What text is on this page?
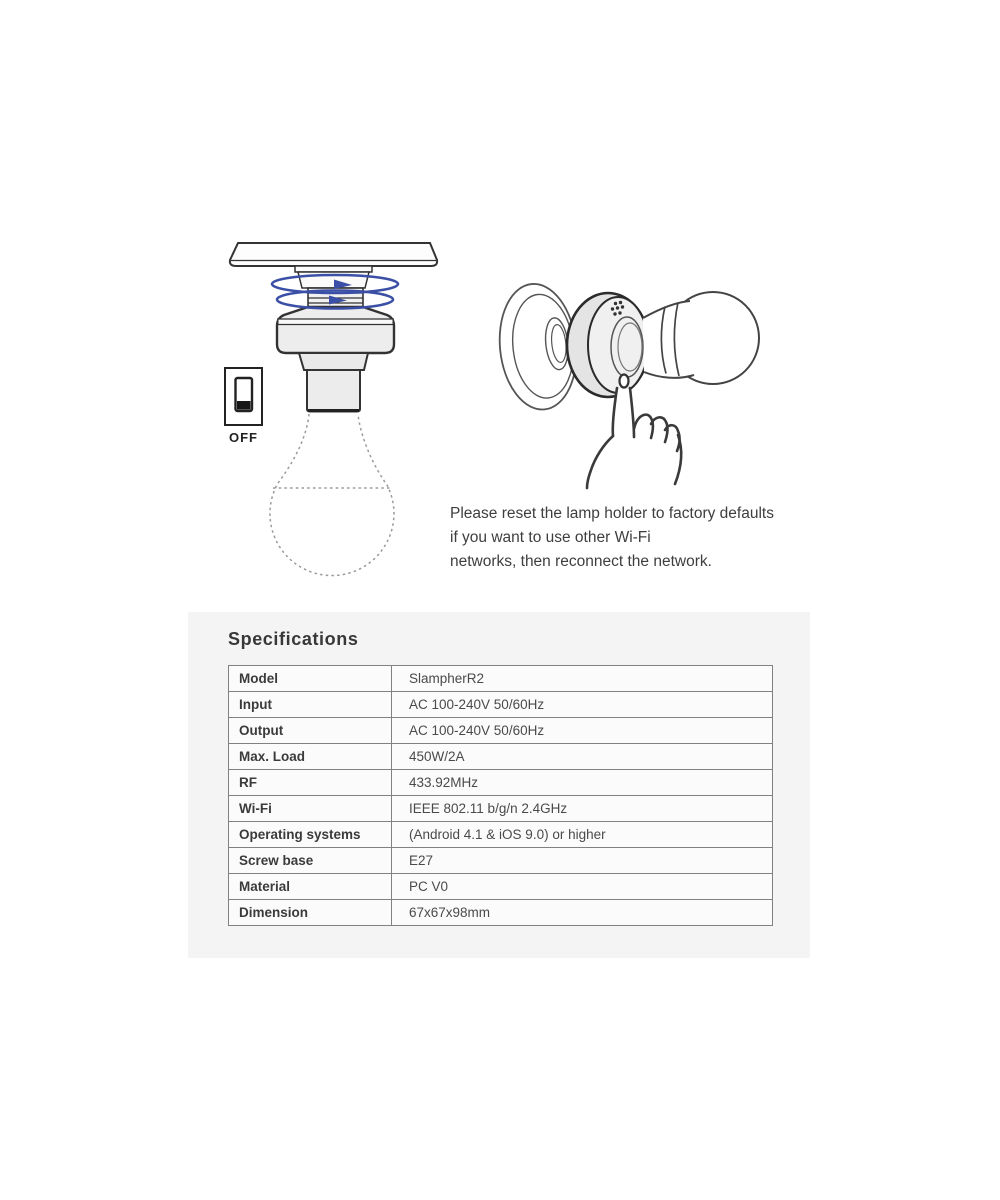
OFF
Please reset the lamp holder to factory defaults
if you want to use other Wi-Fi
networks, then reconnect the network.
Specifications
Model	SlampherR2
Input	AC 100-240V 50/60Hz
Output	AC 100-240V 50/60Hz
Max. Load	450W/2A
RF	433.92MHz
Wi-Fi	IEEE 802.11 b/g/n 2.4GHz
Operating systems	(Android 4.1 & iOS 9.0) or higher
Screw base	E27
Material	PC V0
Dimension	67x67x98mm
